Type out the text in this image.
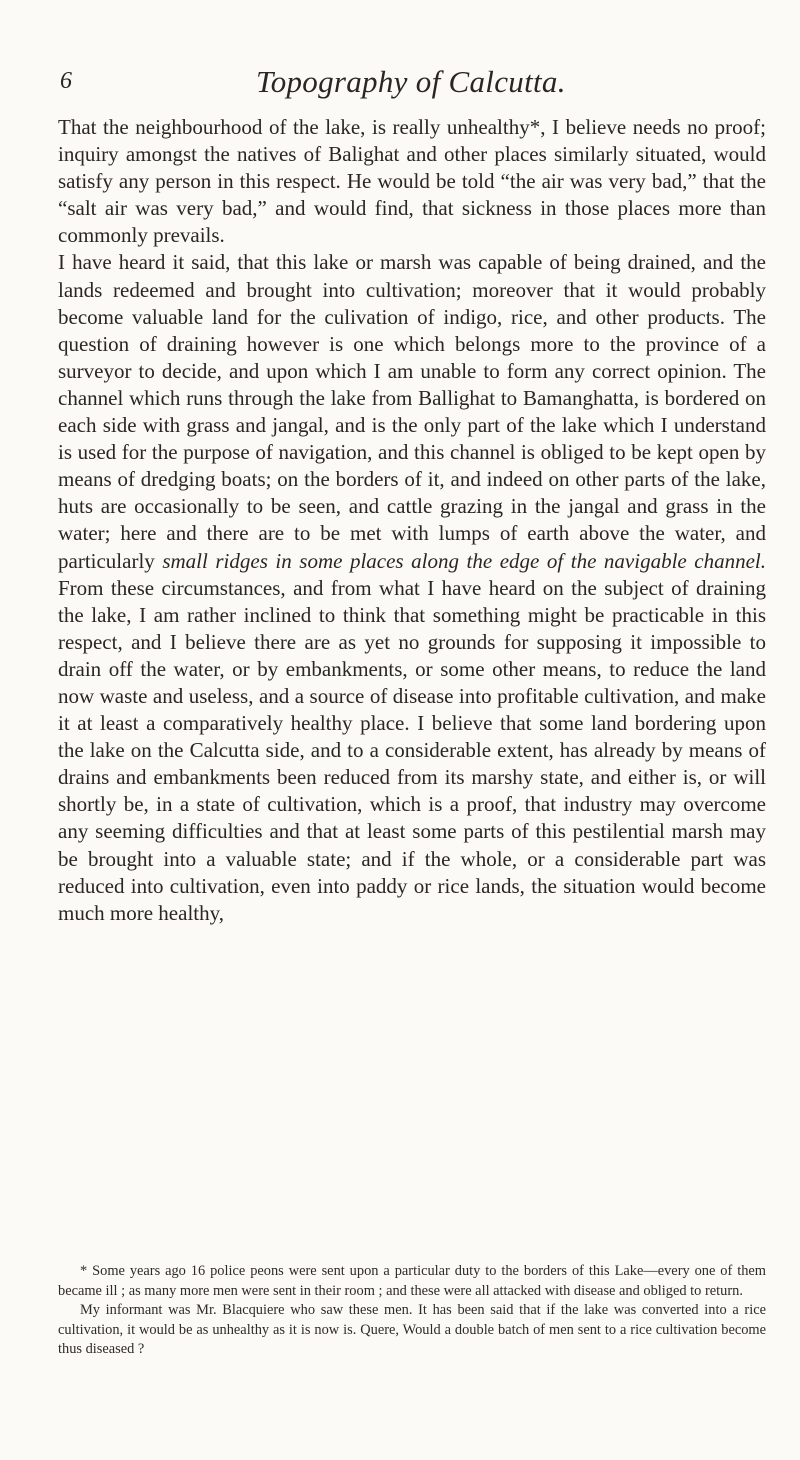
6	Topography of Calcutta.

That the neighbourhood of the lake, is really unhealthy*, I believe needs no proof; inquiry amongst the natives of Balighat and other places similarly situated, would satisfy any person in this respect. He would be told “the air was very bad,” that the “salt air was very bad,” and would find, that sickness in those places more than commonly prevails.

I have heard it said, that this lake or marsh was capable of being drained, and the lands redeemed and brought into cultivation; moreover that it would probably become valuable land for the culivation of indigo, rice, and other products. The question of draining however is one which belongs more to the province of a surveyor to decide, and upon which I am unable to form any correct opinion. The channel which runs through the lake from Ballighat to Bamanghatta, is bordered on each side with grass and jangal, and is the only part of the lake which I understand is used for the purpose of navigation, and this channel is obliged to be kept open by means of dredging boats; on the borders of it, and indeed on other parts of the lake, huts are occasionally to be seen, and cattle grazing in the jangal and grass in the water; here and there are to be met with lumps of earth above the water, and particularly small ridges in some places along the edge of the navigable channel. From these circumstances, and from what I have heard on the subject of draining the lake, I am rather inclined to think that something might be practicable in this respect, and I believe there are as yet no grounds for supposing it impossible to drain off the water, or by embankments, or some other means, to reduce the land now waste and useless, and a source of disease into profitable cultivation, and make it at least a comparatively healthy place. I believe that some land bordering upon the lake on the Calcutta side, and to a considerable extent, has already by means of drains and embankments been reduced from its marshy state, and either is, or will shortly be, in a state of cultivation, which is a proof, that industry may overcome any seeming difficulties and that at least some parts of this pestilential marsh may be brought into a valuable state; and if the whole, or a considerable part was reduced into cultivation, even into paddy or rice lands, the situation would become much more healthy,

* Some years ago 16 police peons were sent upon a particular duty to the borders of this Lake—every one of them became ill ; as many more men were sent in their room ; and these were all attacked with disease and obliged to return.

My informant was Mr. Blacquiere who saw these men. It has been said that if the lake was converted into a rice cultivation, it would be as unhealthy as it is now is. Quere, Would a double batch of men sent to a rice cultivation become thus diseased ?
